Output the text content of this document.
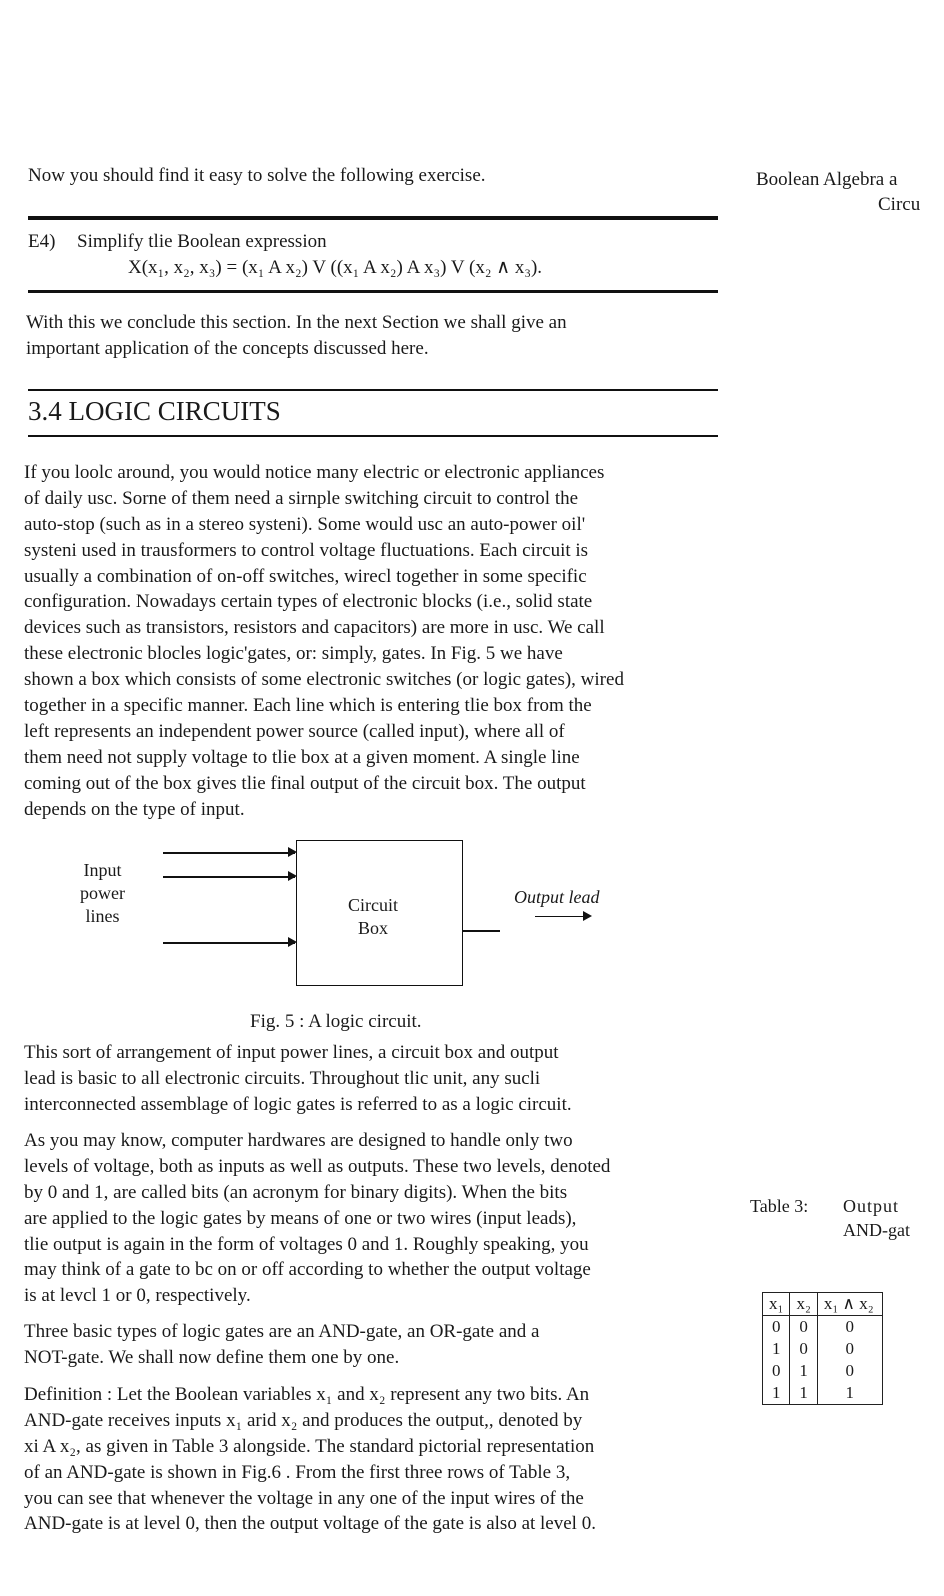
Now you should find it easy to solve the following exercise.	Boolean Algebra a
Circu
E4) Simplify tlie Boolean expression
X(x₁, x₂, x₃) = (x₁ A x₂) V ((x₁ A x₂) A x₃) V (x₂ ∧ x₃).
With this we conclude this section. In the next Section we shall give an
important application of the concepts discussed here.
3.4 LOGIC CIRCUITS
If you loolc around, you would notice many electric or electronic appliances
of daily usc. Sorne of them need a sirnple switching circuit to control the
auto-stop (such as in a stereo systeni). Some would usc an auto-power oil'
systeni used in trausformers to control voltage fluctuations. Each circuit is
usually a combination of on-off switches, wirecl together in some specific
configuration. Nowadays certain types of electronic blocks (i.e., solid state
devices such as transistors, resistors and capacitors) are more in usc. We call
these electronic blocles logic'gates, or: simply, gates. In Fig. 5 we have
shown a box which consists of some electronic switches (or logic gates), wired
together in a specific manner. Each line which is entering tlie box from the
left represents an independent power source (called input), where all of
them need not supply voltage to tlie box at a given moment. A single line
coming out of the box gives tlie final output of the circuit box. The output
depends on the type of input.
Input
power
lines
Circuit
Box
Output lead
Fig. 5 : A logic circuit.
This sort of arrangement of input power lines, a circuit box and output
lead is basic to all electronic circuits. Throughout tlic unit, any sucli
interconnected assemblage of logic gates is referred to as a logic circuit.
As you may know, computer hardwares are designed to handle only two
levels of voltage, both as inputs as well as outputs. These two levels, denoted
by 0 and 1, are called bits (an acronym for binary digits). When the bits
are applied to the logic gates by means of one or two wires (input leads),
tlie output is again in the form of voltages 0 and 1. Roughly speaking, you
may think of a gate to bc on or off according to whether the output voltage
is at levcl 1 or 0, respectively.
Three basic types of logic gates are an AND-gate, an OR-gate and a
NOT-gate. We shall now define them one by one.
Definition : Let the Boolean variables x₁ and x₂ represent any two bits. An
AND-gate receives inputs x₁ arid x₂ and produces the output,, denoted by
xi A x₂, as given in Table 3 alongside. The standard pictorial representation
of an AND-gate is shown in Fig.6 . From the first three rows of Table 3,
you can see that whenever the voltage in any one of the input wires of the
AND-gate is at level 0, then the output voltage of the gate is also at level 0.
Table 3: Output
AND-gat
x₁	x₂	x₁ ∧ x₂
0	0	0
1	0	0
0	1	0
1	1	1
